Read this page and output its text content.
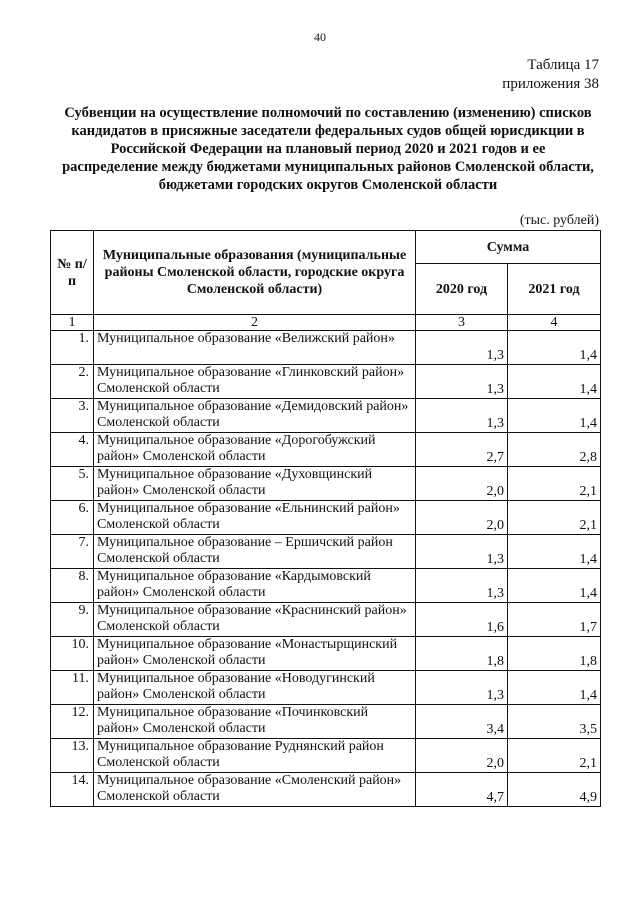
40
Таблица 17
приложения 38
Субвенции на осуществление полномочий по составлению (изменению) списков кандидатов в присяжные заседатели федеральных судов общей юрисдикции в Российской Федерации на плановый период 2020 и 2021 годов и ее распределение между бюджетами муниципальных районов Смоленской области, бюджетами городских округов Смоленской области
(тыс. рублей)
№ п/п	Муниципальные образования (муниципальные районы Смоленской области, городские округа Смоленской области)	Сумма	
		2020 год	2021 год
1	2	3	4
1.	Муниципальное образование «Велижский район»	1,3	1,4
2.	Муниципальное образование «Глинковский район» Смоленской области	1,3	1,4
3.	Муниципальное образование «Демидовский район» Смоленской области	1,3	1,4
4.	Муниципальное образование «Дорогобужский район» Смоленской области	2,7	2,8
5.	Муниципальное образование «Духовщинский район» Смоленской области	2,0	2,1
6.	Муниципальное образование «Ельнинский район» Смоленской области	2,0	2,1
7.	Муниципальное образование – Ершичский район Смоленской области	1,3	1,4
8.	Муниципальное образование «Кардымовский район» Смоленской области	1,3	1,4
9.	Муниципальное образование «Краснинский район» Смоленской области	1,6	1,7
10.	Муниципальное образование «Монастырщинский район» Смоленской области	1,8	1,8
11.	Муниципальное образование «Новодугинский район» Смоленской области	1,3	1,4
12.	Муниципальное образование «Починковский район» Смоленской области	3,4	3,5
13.	Муниципальное образование Руднянский район Смоленской области	2,0	2,1
14.	Муниципальное образование «Смоленский район» Смоленской области	4,7	4,9
